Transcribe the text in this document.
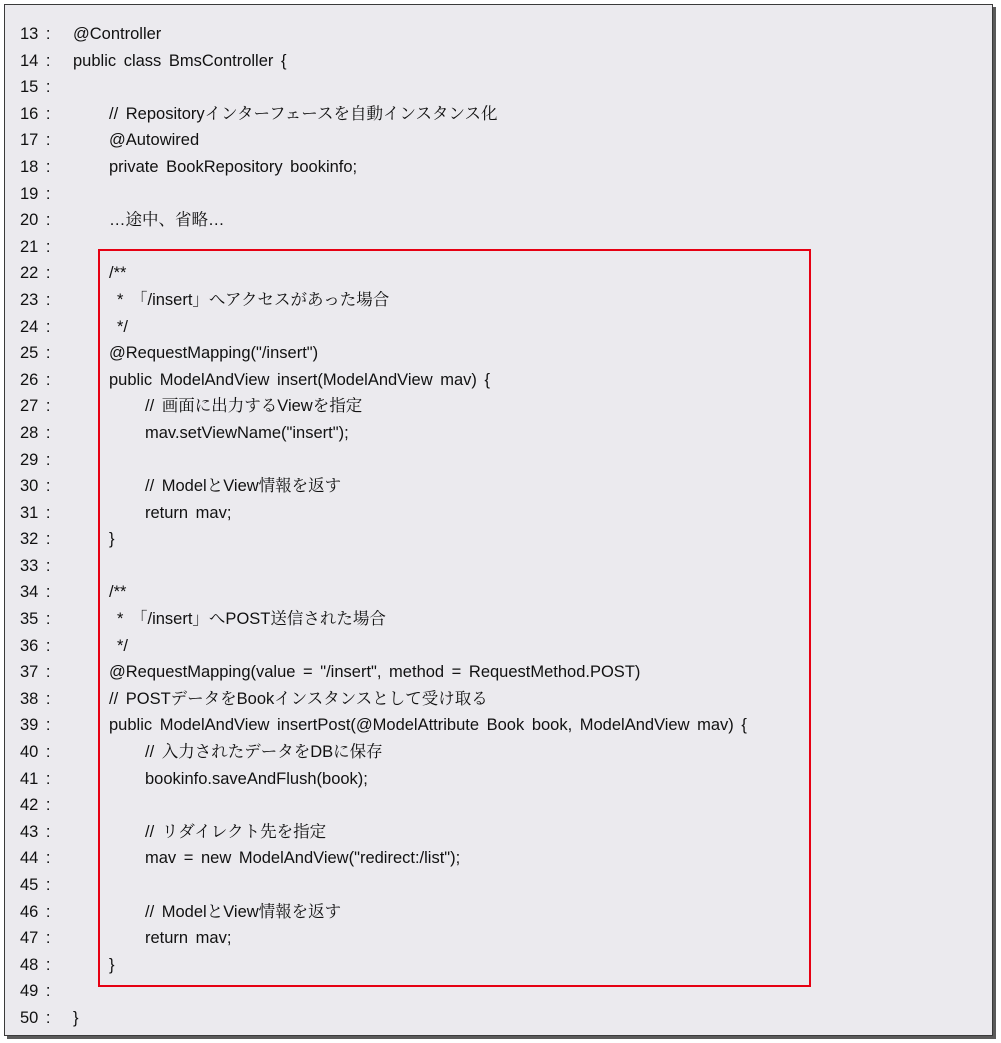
13 :	@Controller
14 :	public class BmsController {
15 :
16 :	// Repositoryインターフェースを自動インスタンス化
17 :	@Autowired
18 :	private BookRepository bookinfo;
19 :
20 :	…途中、省略…
21 :
22 :	/**
23 :	* 「/insert」へアクセスがあった場合
24 :	*/
25 :	@RequestMapping("/insert")
26 :	public ModelAndView insert(ModelAndView mav) {
27 :	// 画面に出力するViewを指定
28 :	mav.setViewName("insert");
29 :
30 :	// ModelとView情報を返す
31 :	return mav;
32 :	}
33 :
34 :	/**
35 :	* 「/insert」へPOST送信された場合
36 :	*/
37 :	@RequestMapping(value = "/insert", method = RequestMethod.POST)
38 :	// POSTデータをBookインスタンスとして受け取る
39 :	public ModelAndView insertPost(@ModelAttribute Book book, ModelAndView mav) {
40 :	// 入力されたデータをDBに保存
41 :	bookinfo.saveAndFlush(book);
42 :
43 :	// リダイレクト先を指定
44 :	mav = new ModelAndView("redirect:/list");
45 :
46 :	// ModelとView情報を返す
47 :	return mav;
48 :	}
49 :
50 :	}
